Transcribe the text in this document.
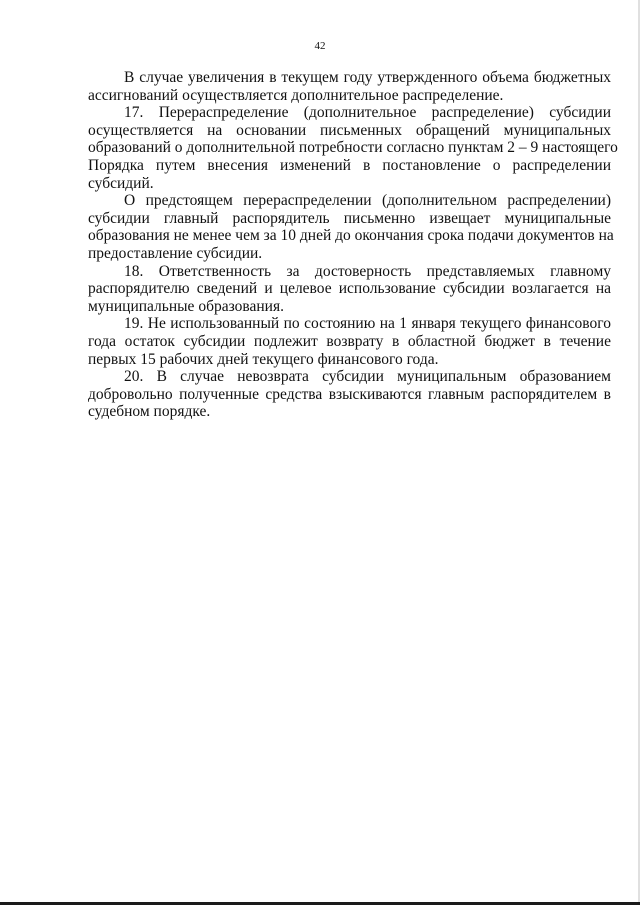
42
В случае увеличения в текущем году утвержденного объема бюджетных
ассигнований осуществляется дополнительное распределение.
17. Перераспределение (дополнительное распределение) субсидии
осуществляется на основании письменных обращений муниципальных
образований о дополнительной потребности согласно пунктам 2 – 9 настоящего
Порядка путем внесения изменений в постановление о распределении
субсидий.
О предстоящем перераспределении (дополнительном распределении)
субсидии главный распорядитель письменно извещает муниципальные
образования не менее чем за 10 дней до окончания срока подачи документов на
предоставление субсидии.
18. Ответственность за достоверность представляемых главному
распорядителю сведений и целевое использование субсидии возлагается на
муниципальные образования.
19. Не использованный по состоянию на 1 января текущего финансового
года остаток субсидии подлежит возврату в областной бюджет в течение
первых 15 рабочих дней текущего финансового года.
20. В случае невозврата субсидии муниципальным образованием
добровольно полученные средства взыскиваются главным распорядителем в
судебном порядке.
